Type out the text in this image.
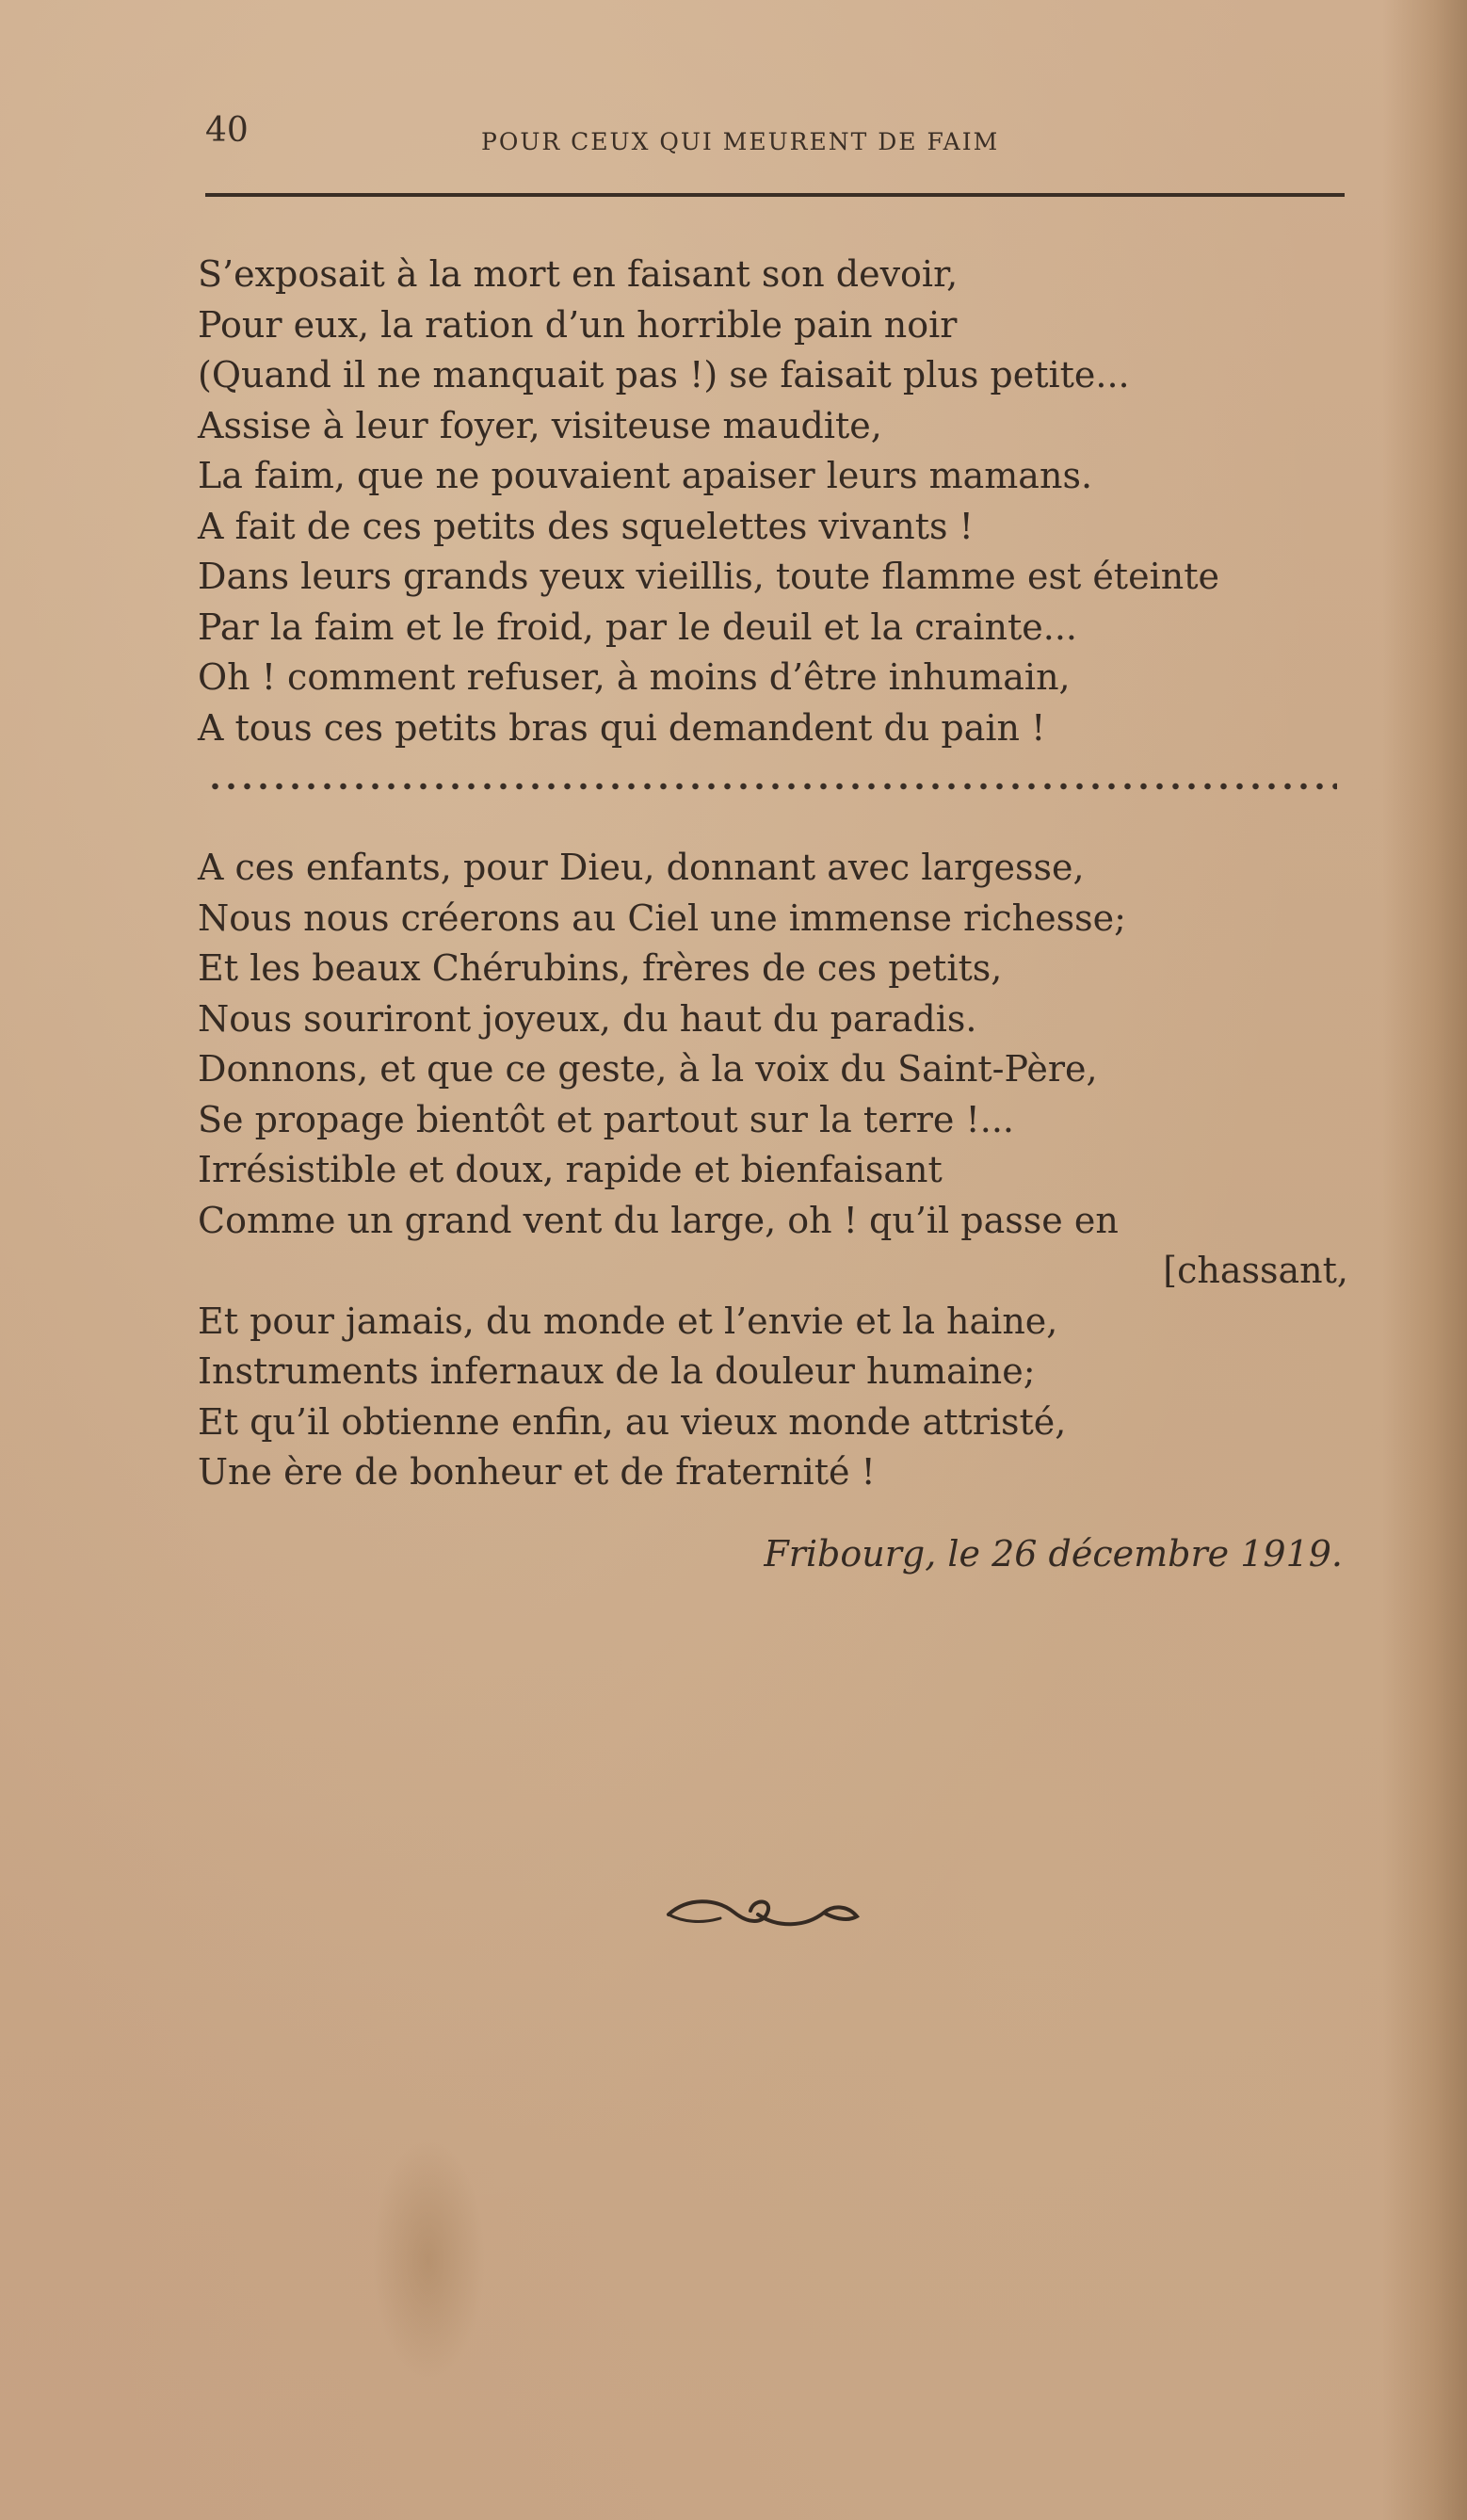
40	POUR CEUX QUI MEURENT DE FAIM
S’exposait à la mort en faisant son devoir,
Pour eux, la ration d’un horrible pain noir
(Quand il ne manquait pas !) se faisait plus petite...
Assise à leur foyer, visiteuse maudite,
La faim, que ne pouvaient apaiser leurs mamans.
A fait de ces petits des squelettes vivants !
Dans leurs grands yeux vieillis, toute flamme est éteinte
Par la faim et le froid, par le deuil et la crainte...
Oh ! comment refuser, à moins d’être inhumain,
A tous ces petits bras qui demandent du pain !
A ces enfants, pour Dieu, donnant avec largesse,
Nous nous créerons au Ciel une immense richesse;
Et les beaux Chérubins, frères de ces petits,
Nous souriront joyeux, du haut du paradis.
Donnons, et que ce geste, à la voix du Saint-Père,
Se propage bientôt et partout sur la terre !...
Irrésistible et doux, rapide et bienfaisant
Comme un grand vent du large, oh ! qu’il passe en
[chassant,
Et pour jamais, du monde et l’envie et la haine,
Instruments infernaux de la douleur humaine;
Et qu’il obtienne enfin, au vieux monde attristé,
Une ère de bonheur et de fraternité !
Fribourg, le 26 décembre 1919.
